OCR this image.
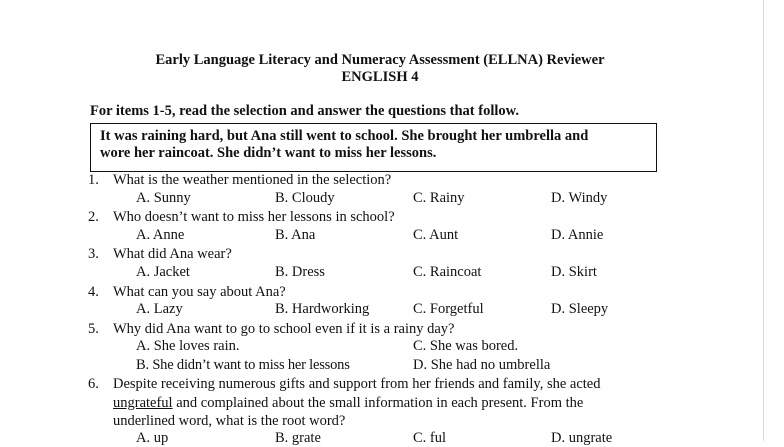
Early Language Literacy and Numeracy Assessment (ELLNA) Reviewer
ENGLISH 4
For items 1-5, read the selection and answer the questions that follow.
It was raining hard, but Ana still went to school. She brought her umbrella and
wore her raincoat. She didn’t want to miss her lessons.
1. What is the weather mentioned in the selection?
A. Sunny	B. Cloudy	C. Rainy	D. Windy
2. Who doesn’t want to miss her lessons in school?
A. Anne	B. Ana	C. Aunt	D. Annie
3. What did Ana wear?
A. Jacket	B. Dress	C. Raincoat	D. Skirt
4. What can you say about Ana?
A. Lazy	B. Hardworking	C. Forgetful	D. Sleepy
5. Why did Ana want to go to school even if it is a rainy day?
A. She loves rain.	C. She was bored.
B. She didn’t want to miss her lessons	D. She had no umbrella
6. Despite receiving numerous gifts and support from her friends and family, she acted
ungrateful and complained about the small information in each present. From the
underlined word, what is the root word?
A. up	B. grate	C. ful	D. ungrate
